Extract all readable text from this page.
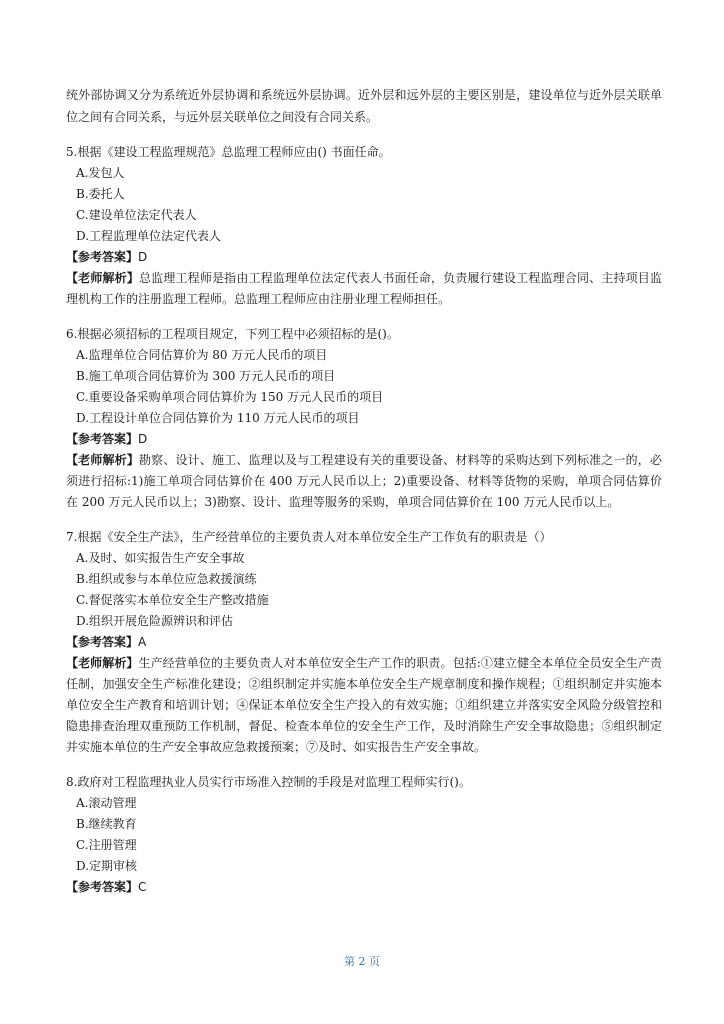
统外部协调又分为系统近外层协调和系统远外层协调。近外层和远外层的主要区别是，建设单位与近外层关联单位之间有合同关系，与远外层关联单位之间没有合同关系。

5.根据《建设工程监理规范》总监理工程师应由() 书面任命。

A.发包人

B.委托人

C.建设单位法定代表人

D.工程监理单位法定代表人

【参考答案】D

【老师解析】总监理工程师是指由工程监理单位法定代表人书面任命，负责履行建设工程监理合同、主持项目监理机构工作的注册监理工程师。总监理工程师应由注册业理工程师担任。

6.根据必须招标的工程项目规定，下列工程中必须招标的是()。

A.监理单位合同估算价为 80 万元人民币的项目

B.施工单项合同估算价为 300 万元人民币的项目

C.重要设备采购单项合同估算价为 150 万元人民币的项目

D.工程设计单位合同估算价为 110 万元人民币的项目

【参考答案】D

【老师解析】勘察、设计、施工、监理以及与工程建设有关的重要设备、材料等的采购达到下列标准之一的，必须进行招标:1)施工单项合同估算价在 400 万元人民币以上；2)重要设备、材料等货物的采购，单项合同估算价在 200 万元人民币以上；3)勘察、设计、监理等服务的采购，单项合同估算价在 100 万元人民币以上。

7.根据《安全生产法》，生产经营单位的主要负责人对本单位安全生产工作负有的职责是（）

A.及时、如实报告生产安全事故

B.组织或参与本单位应急救援演练

C.督促落实本单位安全生产整改措施

D.组织开展危险源辨识和评估

【参考答案】A

【老师解析】生产经营单位的主要负责人对本单位安全生产工作的职责。包括:①建立健全本单位全员安全生产责任制，加强安全生产标准化建设；②组织制定并实施本单位安全生产规章制度和操作规程；①组织制定并实施本单位安全生产教育和培训计划；④保证本单位安全生产投入的有效实施；①组织建立并落实安全风险分级管控和隐患排查治理双重预防工作机制，督促、检查本单位的安全生产工作，及时消除生产安全事故隐患；⑤组织制定并实施本单位的生产安全事故应急救援预案；⑦及时、如实报告生产安全事故。

8.政府对工程监理执业人员实行市场准入控制的手段是对监理工程师实行()。

A.滚动管理

B.继续教育

C.注册管理

D.定期审核

【参考答案】C

第 2 页
